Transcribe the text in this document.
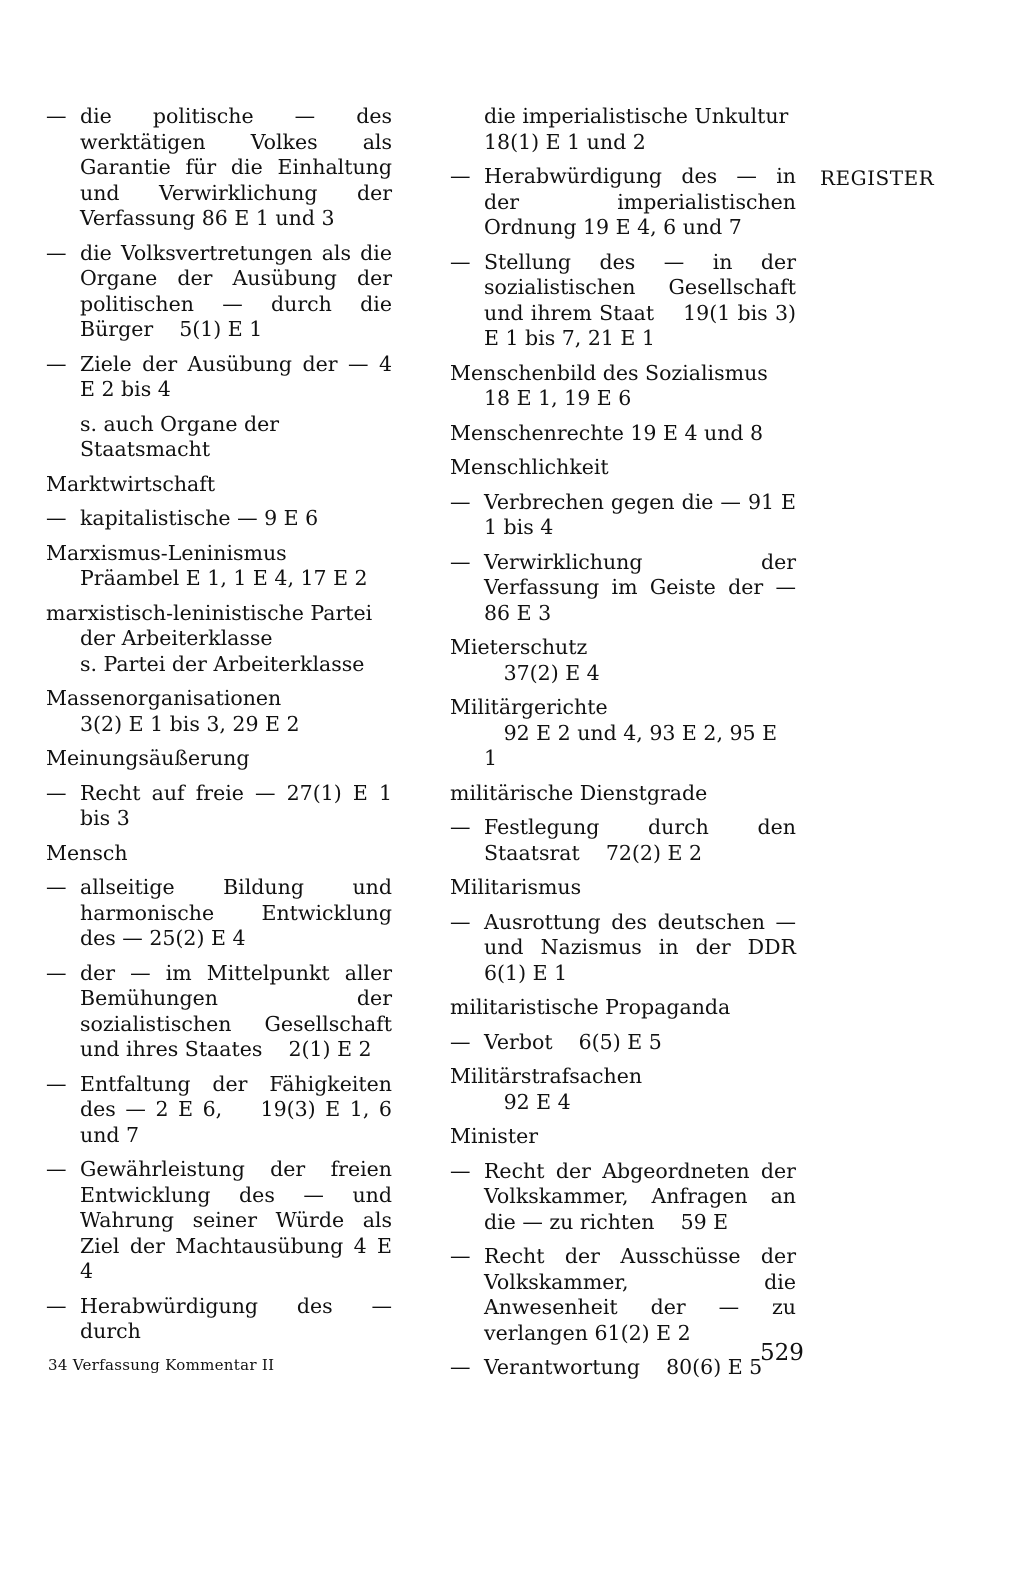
— die politische — des werktätigen Volkes als Garantie für die Einhaltung und Verwirklichung der Verfassung 86 E 1 und 3
— die Volksvertretungen als die Organe der Ausübung der politischen — durch die Bürger    5(1) E 1
— Ziele der Ausübung der — 4 E 2 bis 4
s. auch Organe der Staatsmacht
Marktwirtschaft
— kapitalistische — 9 E 6
Marxismus-Leninismus
Präambel E 1, 1 E 4, 17 E 2
marxistisch-leninistische Partei
der Arbeiterklasse
s. Partei der Arbeiterklasse
Massenorganisationen
3(2) E 1 bis 3, 29 E 2
Meinungsäußerung
— Recht auf freie — 27(1) E 1 bis 3
Mensch
— allseitige Bildung und harmonische Entwicklung des — 25(2) E 4
— der — im Mittelpunkt aller Bemühungen der sozialistischen Gesellschaft und ihres Staates    2(1) E 2
— Entfaltung der Fähigkeiten des — 2 E 6,    19(3) E 1, 6 und 7
— Gewährleistung der freien Entwicklung des — und Wahrung seiner Würde als Ziel der Machtausübung 4 E 4
— Herabwürdigung des — durch
die imperialistische Unkultur    18(1) E 1 und 2
— Herabwürdigung des — in der imperialistischen Ordnung 19 E 4, 6 und 7
— Stellung des — in der sozialistischen Gesellschaft und ihrem Staat    19(1 bis 3) E 1 bis 7, 21 E 1
Menschenbild des Sozialismus
18 E 1, 19 E 6
Menschenrechte 19 E 4 und 8
Menschlichkeit
— Verbrechen gegen die — 91 E 1 bis 4
— Verwirklichung der Verfassung im Geiste der — 86 E 3
Mieterschutz
37(2) E 4
Militärgerichte
92 E 2 und 4, 93 E 2, 95 E 1
militärische Dienstgrade
— Festlegung durch den Staatsrat    72(2) E 2
Militarismus
— Ausrottung des deutschen — und Nazismus in der DDR 6(1) E 1
militaristische Propaganda
— Verbot    6(5) E 5
Militärstrafsachen
92 E 4
Minister
— Recht der Abgeordneten der Volkskammer, Anfragen an die — zu richten    59 E
— Recht der Ausschüsse der Volkskammer, die Anwesenheit der — zu verlangen 61(2) E 2
— Verantwortung    80(6) E 5
REGISTER
34 Verfassung Kommentar II	529
